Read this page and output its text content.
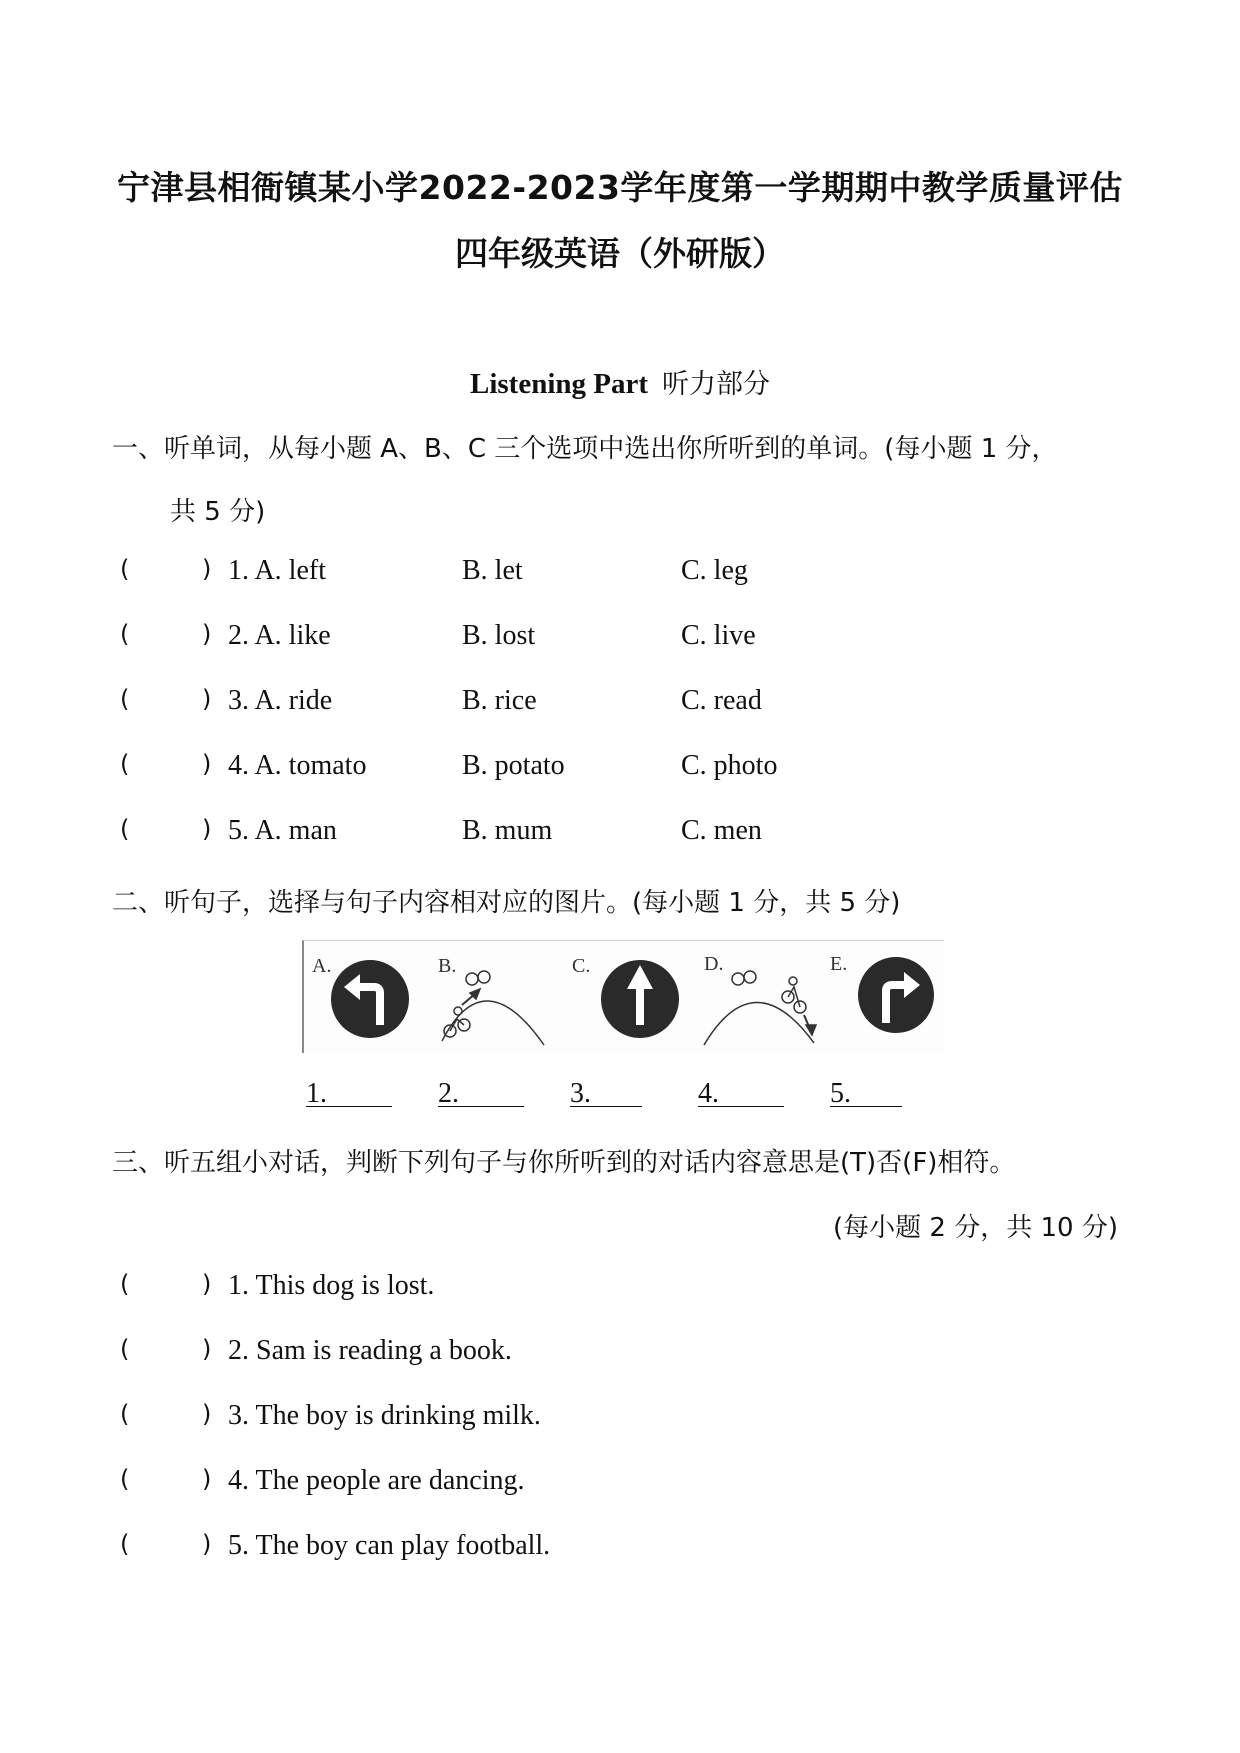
宁津县相衙镇某小学2022-2023学年度第一学期期中教学质量评估
四年级英语（外研版）
Listening Part 听力部分
一、听单词，从每小题 A、B、C 三个选项中选出你所听到的单词。(每小题 1 分，
共 5 分)
(	) 1. A. left	B. let	C. leg
(	) 2. A. like	B. lost	C. live
(	) 3. A. ride	B. rice	C. read
(	) 4. A. tomato	B. potato	C. photo
(	) 5. A. man	B. mum	C. men
二、听句子，选择与句子内容相对应的图片。(每小题 1 分，共 5 分)
A.	B.	C.	D.	E.
1.	2.	3.	4.	5.
三、听五组小对话，判断下列句子与你所听到的对话内容意思是(T)否(F)相符。
(每小题 2 分，共 10 分)
(	) 1. This dog is lost.
(	) 2. Sam is reading a book.
(	) 3. The boy is drinking milk.
(	) 4. The people are dancing.
(	) 5. The boy can play football.
